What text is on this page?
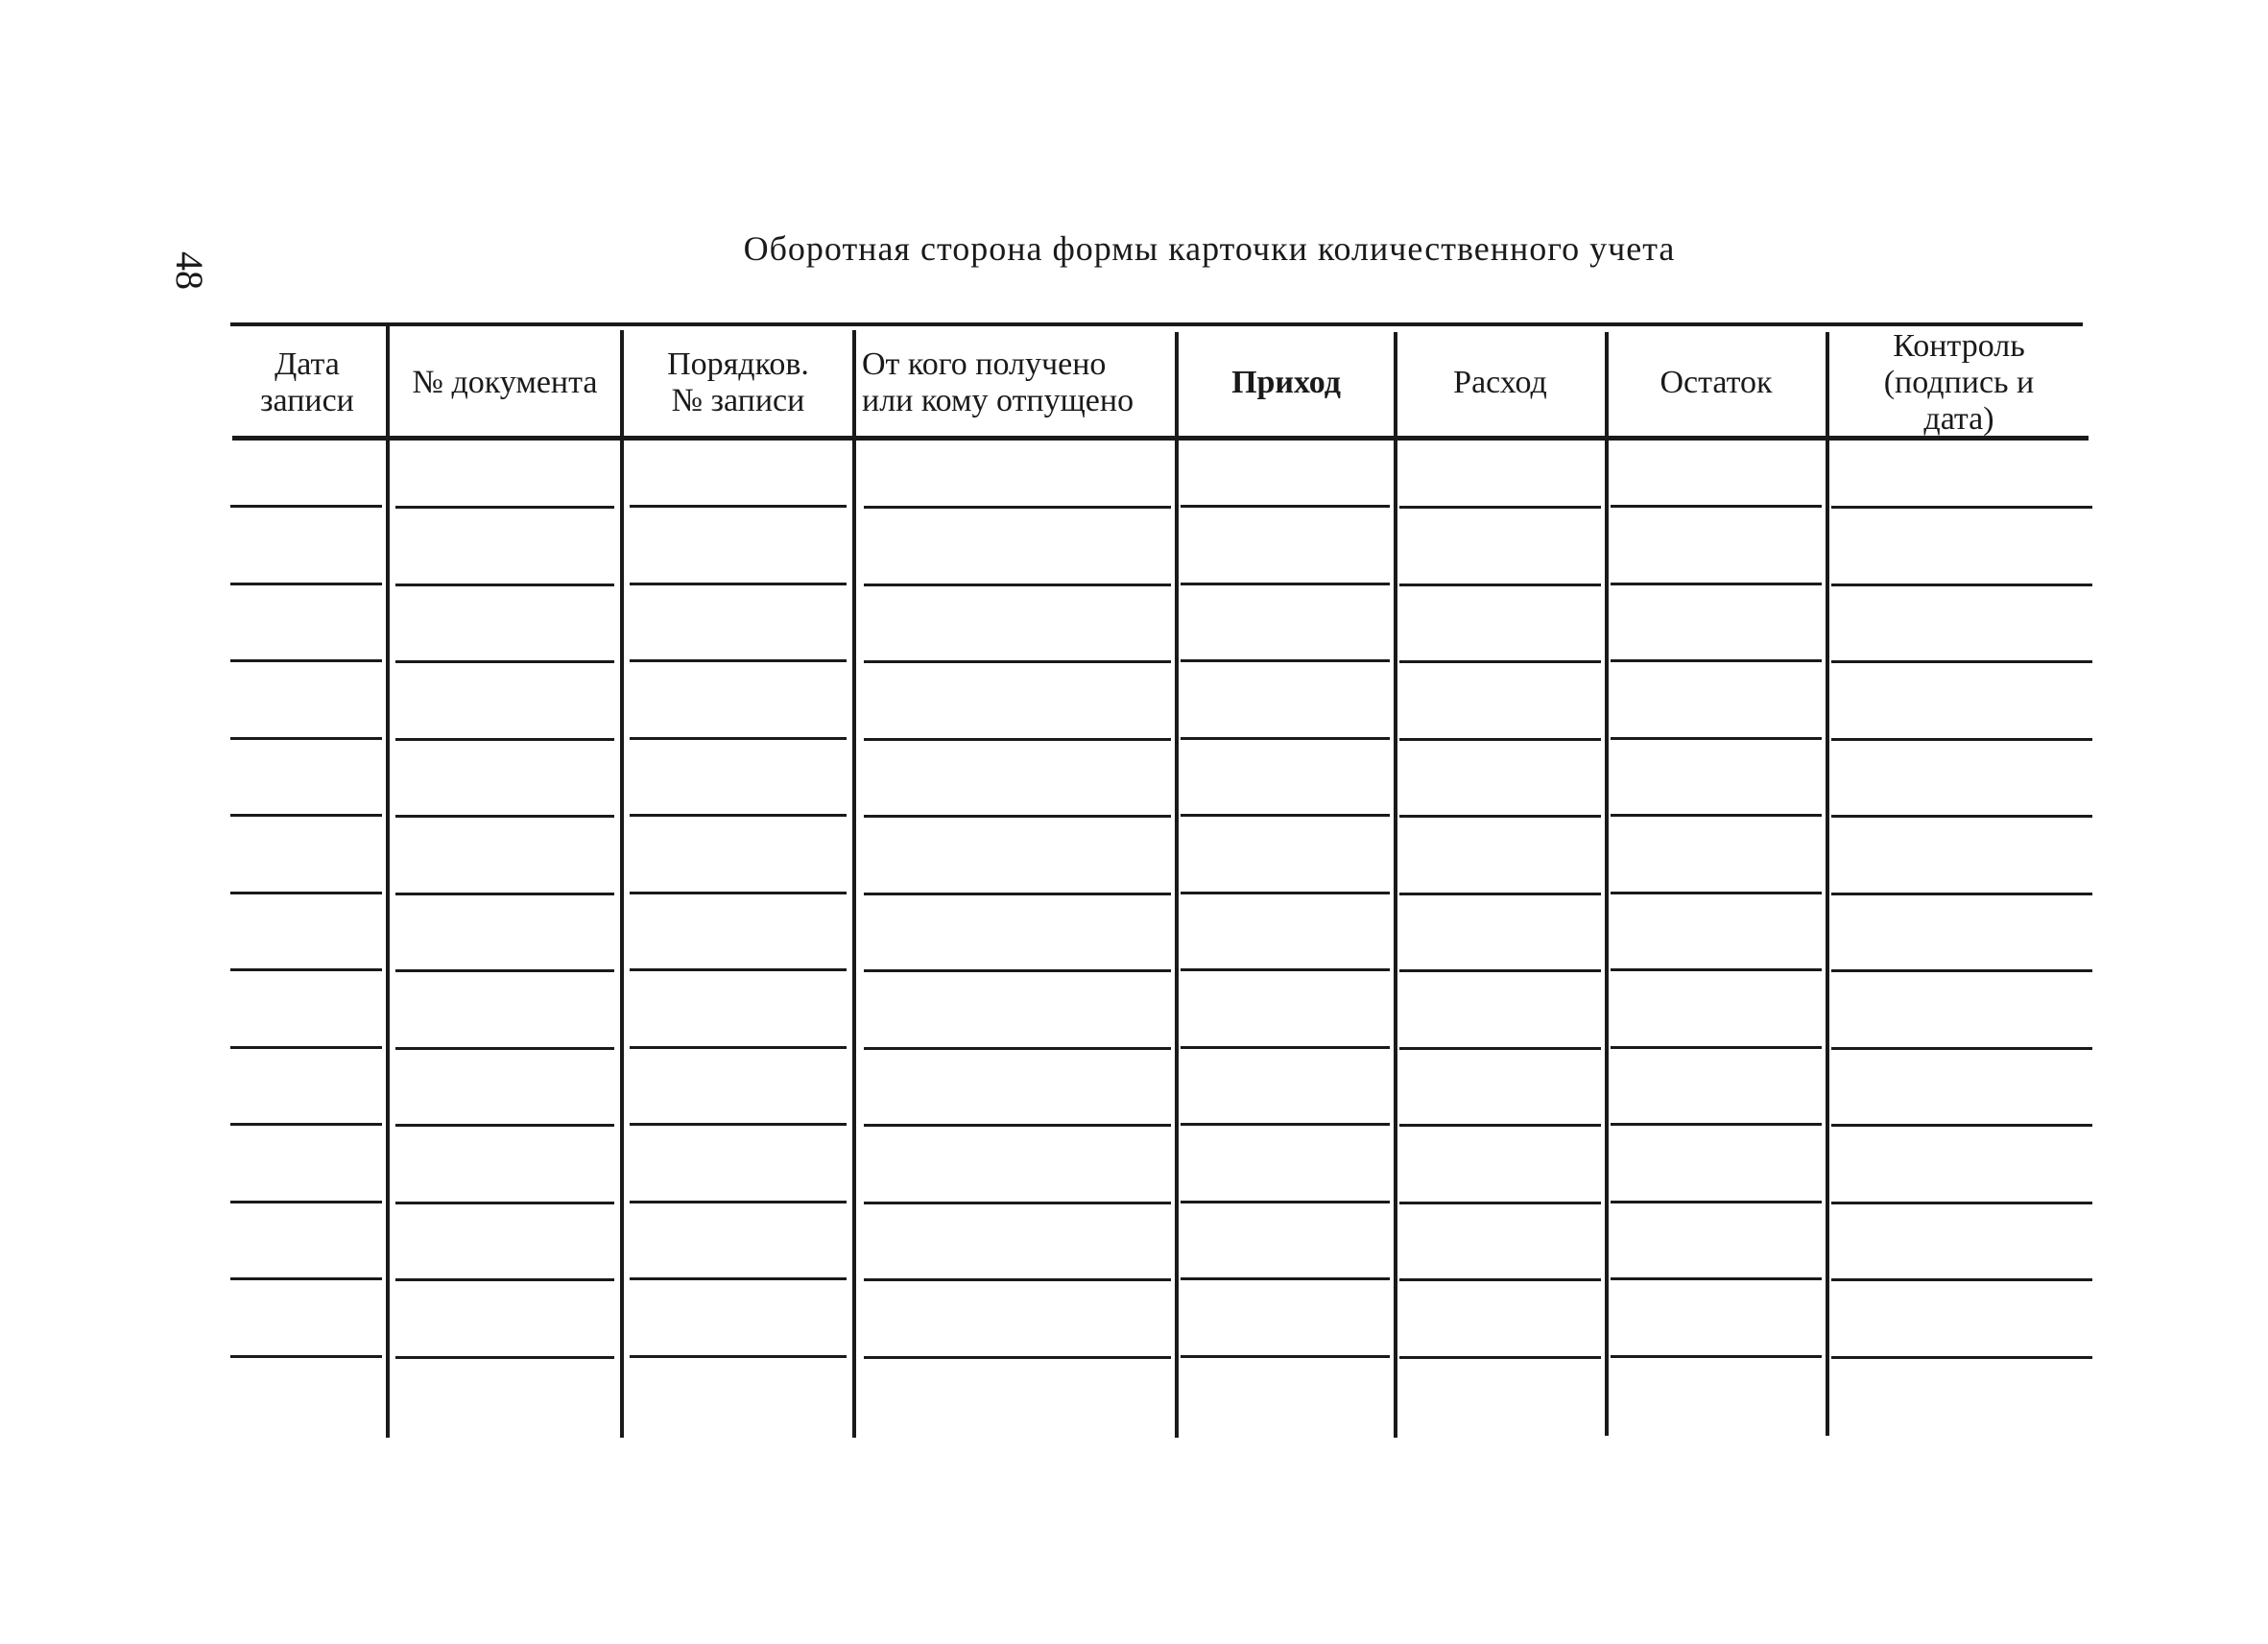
48
Оборотная сторона формы карточки количественного учета
Дата
записи
№ документа
Порядков.
№ записи
От кого получено
или кому отпущено
Приход	Расход	Остаток
Контроль
(подпись и
дата)
